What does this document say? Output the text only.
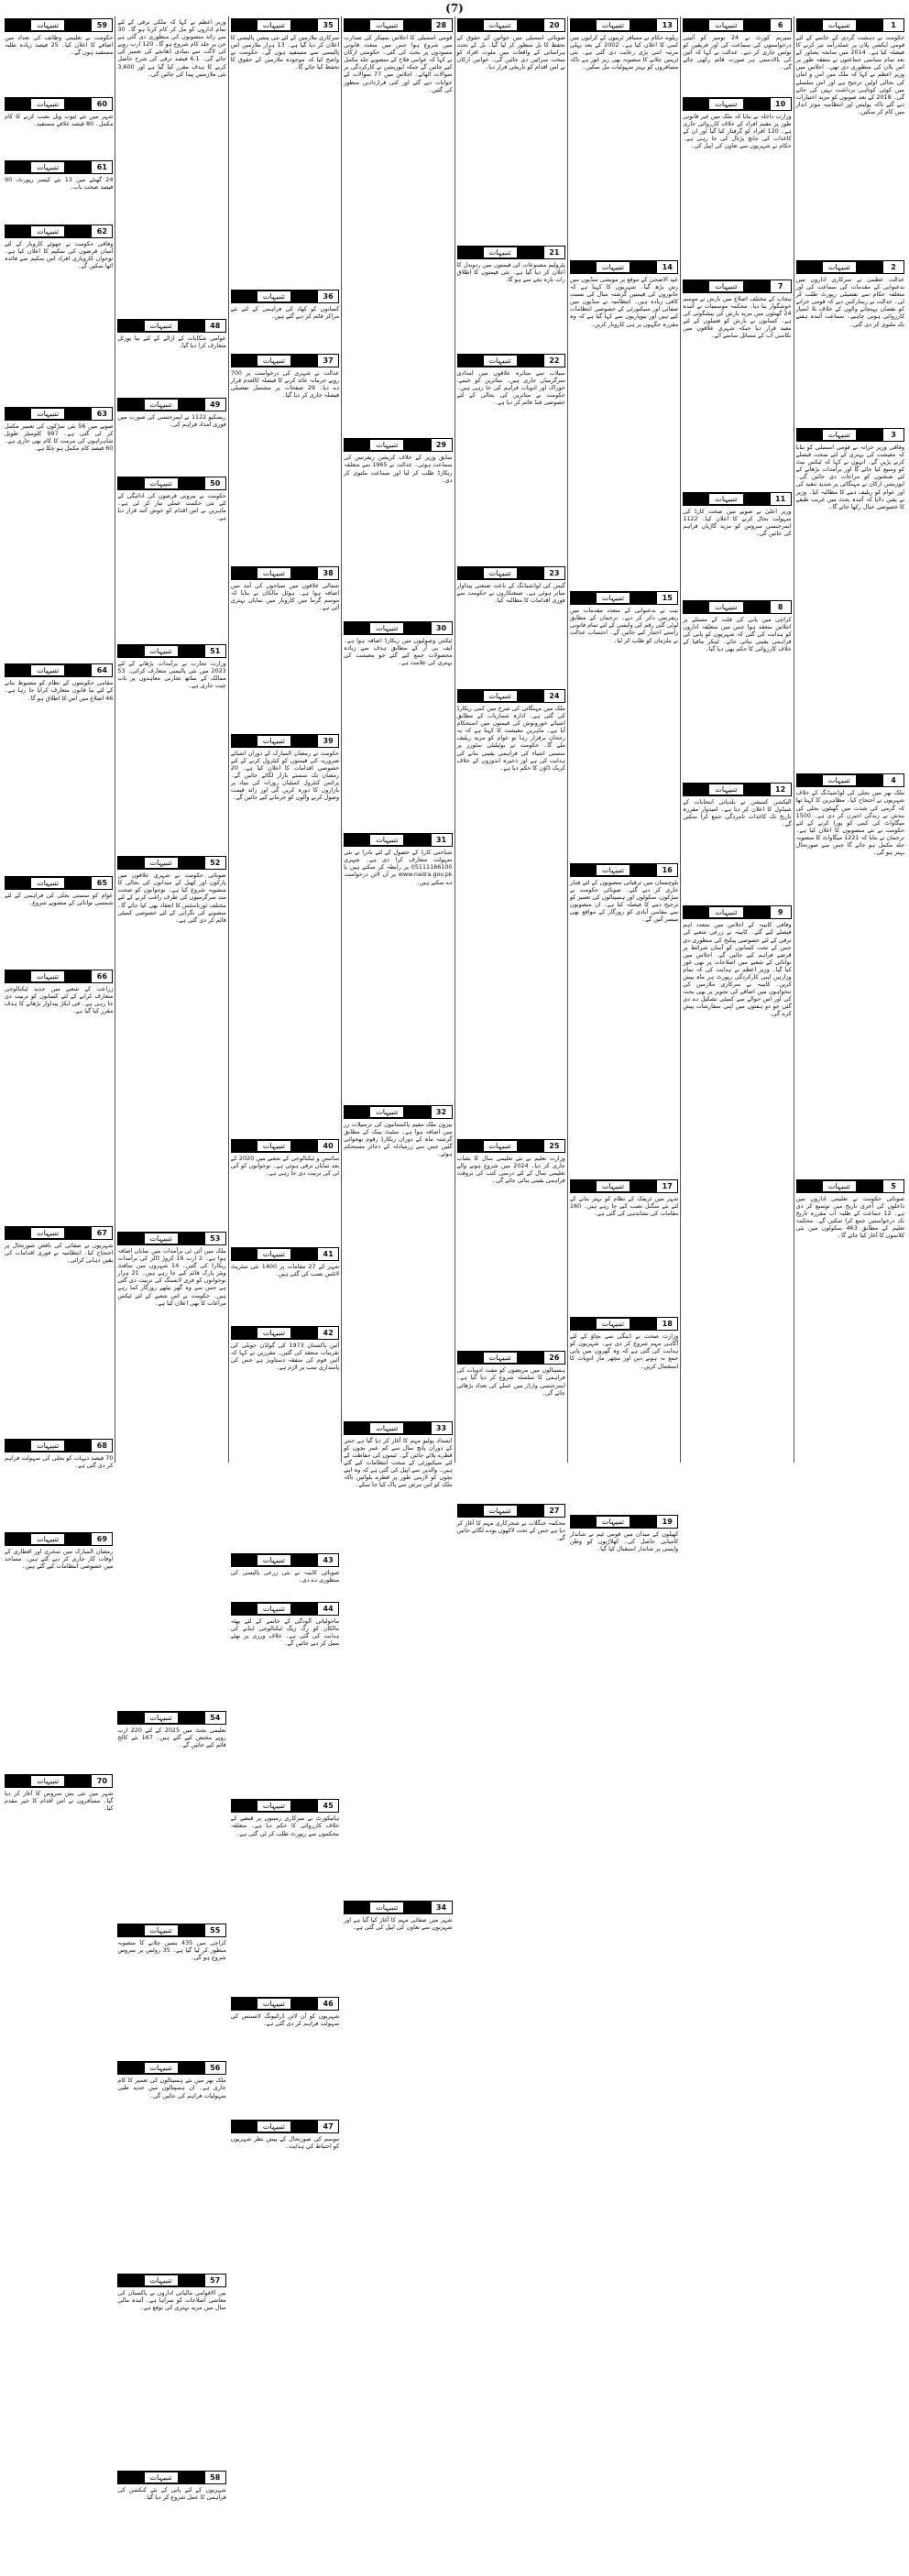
(7)
1
تنبیہات
حکومت نے دہشت گردی کے خاتمے کے لئے قومی ایکشن پلان پر عملدرآمد تیز کرنے کا فیصلہ کیا ہے۔ 2014 میں سانحہ پشاور کے بعد تمام سیاسی جماعتوں نے متفقہ طور پر اس پلان کی منظوری دی تھی۔ اجلاس میں وزیر اعظم نے کہا کہ ملک میں امن و امان کی بحالی اولین ترجیح ہے اور اس سلسلے میں کوئی کوتاہی برداشت نہیں کی جائے گی۔ 2018 کے بعد صوبوں کو مزید اختیارات دیے گئے تاکہ پولیس اور انتظامیہ موثر انداز میں کام کر سکیں۔
2
تنبیہات
عدالت عظمیٰ نے سرکاری اداروں میں بدعنوانی کے مقدمات کی سماعت کی اور متعلقہ حکام سے تفصیلی رپورٹ طلب کر لی۔ عدالت نے ریمارکس دیے کہ قومی خزانے کو نقصان پہنچانے والوں کے خلاف بلا امتیاز کارروائی ہونی چاہیے۔ سماعت آئندہ ہفتے تک ملتوی کر دی گئی۔
3
تنبیہات
وفاقی وزیر خزانہ نے قومی اسمبلی کو بتایا کہ معیشت کی بہتری کے لئے سخت فیصلے کرنے پڑیں گے۔ انہوں نے کہا کہ ٹیکس نیٹ کو وسیع کیا جائے گا اور برآمدات بڑھانے کے لئے صنعتوں کو مراعات دی جائیں گی۔ اپوزیشن ارکان نے مہنگائی پر شدید تنقید کی اور عوام کو ریلیف دینے کا مطالبہ کیا۔ وزیر نے یقین دلایا کہ آئندہ بجٹ میں غریب طبقے کا خصوصی خیال رکھا جائے گا۔
4
تنبیہات
ملک بھر میں بجلی کی لوڈشیڈنگ کے خلاف شہریوں نے احتجاج کیا۔ مظاہرین کا کہنا تھا کہ گرمی کی شدت میں گھنٹوں بجلی کی بندش نے زندگی اجیرن کر دی ہے۔ 1500 میگاواٹ کی کمی کو پورا کرنے کے لئے حکومت نے نئے منصوبوں کا اعلان کیا ہے۔ ترجمان نے بتایا کہ 1221 میگاواٹ کا منصوبہ جلد مکمل ہو جائے گا جس سے صورتحال بہتر ہو گی۔
5
تنبیہات
صوبائی حکومت نے تعلیمی اداروں میں داخلوں کی آخری تاریخ میں توسیع کر دی ہے۔ 12 جماعت کے طلبہ اب مقررہ تاریخ تک درخواستیں جمع کرا سکیں گے۔ محکمہ تعلیم کے مطابق 463 سکولوں میں نئی کلاسوں کا آغاز کیا جائے گا۔
6
تنبیہات
سپریم کورٹ نے 24 نومبر کو آئینی درخواستوں کی سماعت کی اور فریقین کو نوٹس جاری کر دیے۔ عدالت نے کہا کہ آئین کی بالادستی ہر صورت قائم رکھی جائے گی۔
10
تنبیہات
وزارت داخلہ نے بتایا کہ ملک میں غیر قانونی طور پر مقیم افراد کے خلاف کارروائی جاری ہے۔ 120 افراد کو گرفتار کیا گیا اور ان کے کاغذات کی جانچ پڑتال کی جا رہی ہے۔ حکام نے شہریوں سے تعاون کی اپیل کی۔
7
تنبیہات
پنجاب کے مختلف اضلاع میں بارش نے موسم خوشگوار بنا دیا۔ محکمہ موسمیات نے آئندہ 24 گھنٹوں میں مزید بارش کی پیشگوئی کی ہے۔ کسانوں نے بارش کو فصلوں کے لئے مفید قرار دیا جبکہ شہری علاقوں میں نکاسی آب کے مسائل سامنے آئے۔
11
تنبیہات
وزیر اعلیٰ نے صوبے میں صحت کارڈ کی سہولت بحال کرنے کا اعلان کیا۔ 1122 ایمرجنسی سروس کو مزید گاڑیاں فراہم کی جائیں گی۔
8
تنبیہات
کراچی میں پانی کی قلت کے مسئلے پر اجلاس منعقد ہوا جس میں متعلقہ اداروں کو ہدایت کی گئی کہ شہریوں کو پانی کی فراہمی یقینی بنائی جائے۔ ٹینکر مافیا کے خلاف کارروائی کا حکم بھی دیا گیا۔
12
تنبیہات
الیکشن کمیشن نے بلدیاتی انتخابات کے شیڈول کا اعلان کر دیا ہے۔ امیدوار مقررہ تاریخ تک کاغذات نامزدگی جمع کرا سکیں گے۔
9
تنبیہات
وفاقی کابینہ کے اجلاس میں متعدد اہم فیصلے کیے گئے۔ کابینہ نے زرعی شعبے کی ترقی کے لئے خصوصی پیکیج کی منظوری دی جس کے تحت کسانوں کو آسان شرائط پر قرضے فراہم کیے جائیں گے۔ اجلاس میں توانائی کے شعبے میں اصلاحات پر بھی غور کیا گیا۔ وزیر اعظم نے ہدایت کی کہ تمام وزارتیں اپنی کارکردگی رپورٹ ہر ماہ پیش کریں۔ کابینہ نے سرکاری ملازمین کی تنخواہوں میں اضافے کی تجویز پر بھی بحث کی اور اس حوالے سے کمیٹی تشکیل دے دی گئی جو دو ہفتوں میں اپنی سفارشات پیش کرے گی۔
13
تنبیہات
ریلوے حکام نے مسافر ٹرینوں کے کرایوں میں کمی کا اعلان کیا ہے۔ 2002 کے بعد پہلی مرتبہ اتنی بڑی رعایت دی گئی ہے۔ نئی ٹرینیں چلانے کا منصوبہ بھی زیر غور ہے تاکہ مسافروں کو بہتر سہولیات مل سکیں۔
14
تنبیہات
عید الاضحیٰ کے موقع پر مویشی منڈیوں میں رش بڑھ گیا۔ شہریوں کا کہنا ہے کہ جانوروں کی قیمتیں گزشتہ سال کی نسبت کافی زیادہ ہیں۔ انتظامیہ نے منڈیوں میں صفائی اور سیکیورٹی کے خصوصی انتظامات کیے ہیں اور بیوپاریوں سے کہا گیا ہے کہ وہ مقررہ جگہوں پر ہی کاروبار کریں۔
15
تنبیہات
نیب نے بدعنوانی کے متعدد مقدمات میں ریفرنس دائر کر دیے۔ ترجمان کے مطابق لوٹی گئی رقم کی واپسی کے لئے تمام قانونی راستے اختیار کیے جائیں گے۔ احتساب عدالت نے ملزمان کو طلب کر لیا۔
16
تنبیہات
بلوچستان میں ترقیاتی منصوبوں کے لئے فنڈز جاری کر دیے گئے۔ صوبائی حکومت نے سڑکوں، سکولوں اور ہسپتالوں کی تعمیر کو ترجیح دینے کا فیصلہ کیا ہے۔ ان منصوبوں سے مقامی آبادی کو روزگار کے مواقع بھی میسر آئیں گے۔
17
تنبیہات
شہر میں ٹریفک کے نظام کو بہتر بنانے کے لئے نئے سگنل نصب کیے جا رہے ہیں۔ 160 مقامات کی نشاندہی کی گئی ہے۔
18
تنبیہات
وزارت صحت نے ڈینگی سے بچاؤ کے لئے آگاہی مہم شروع کر دی ہے۔ شہریوں کو ہدایت کی گئی ہے کہ وہ گھروں میں پانی جمع نہ ہونے دیں اور مچھر مار ادویات کا استعمال کریں۔
19
تنبیہات
کھیلوں کے میدان میں قومی ٹیم نے شاندار کامیابی حاصل کی۔ کھلاڑیوں کو وطن واپسی پر شاندار استقبال کیا گیا۔
20
تنبیہات
صوبائی اسمبلی میں خواتین کے حقوق کے تحفظ کا بل منظور کر لیا گیا۔ بل کے تحت ہراسانی کے واقعات میں ملوث افراد کو سخت سزائیں دی جائیں گی۔ خواتین ارکان نے اس اقدام کو تاریخی قرار دیا۔
21
تنبیہات
پٹرولیم مصنوعات کی قیمتوں میں ردوبدل کا اعلان کر دیا گیا ہے۔ نئی قیمتوں کا اطلاق رات بارہ بجے سے ہو گا۔
22
تنبیہات
سیلاب سے متاثرہ علاقوں میں امدادی سرگرمیاں جاری ہیں۔ متاثرین کو خیمے، خوراک اور ادویات فراہم کی جا رہی ہیں۔ حکومت نے متاثرین کی بحالی کے لئے خصوصی فنڈ قائم کر دیا ہے۔
23
تنبیہات
گیس کی لوڈشیڈنگ کے باعث صنعتی پیداوار متاثر ہوئی ہے۔ صنعتکاروں نے حکومت سے فوری اقدامات کا مطالبہ کیا۔
24
تنبیہات
ملک میں مہنگائی کی شرح میں کمی ریکارڈ کی گئی ہے۔ ادارہ شماریات کے مطابق اشیائے خورونوش کی قیمتوں میں استحکام آیا ہے۔ ماہرین معیشت کا کہنا ہے کہ یہ رجحان برقرار رہا تو عوام کو مزید ریلیف ملے گا۔ حکومت نے یوٹیلیٹی سٹورز پر سستی اشیاء کی فراہمی یقینی بنانے کی ہدایت کی ہے اور ذخیرہ اندوزوں کے خلاف کریک ڈاؤن کا حکم دیا ہے۔
25
تنبیہات
وزارت تعلیم نے نئے تعلیمی سال کا نصاب جاری کر دیا۔ 2024 میں شروع ہونے والے تعلیمی سال کے لئے درسی کتب کی بروقت فراہمی یقینی بنائی جائے گی۔
26
تنبیہات
ہسپتالوں میں مریضوں کو مفت ادویات کی فراہمی کا سلسلہ شروع کر دیا گیا ہے۔ ایمرجنسی وارڈز میں عملے کی تعداد بڑھائی جائے گی۔
27
تنبیہات
محکمہ جنگلات نے شجرکاری مہم کا آغاز کر دیا ہے جس کے تحت لاکھوں پودے لگائے جائیں گے۔
28
تنبیہات
قومی اسمبلی کا اجلاس سپیکر کی صدارت میں شروع ہوا جس میں متعدد قانونی مسودوں پر بحث کی گئی۔ حکومتی ارکان نے کہا کہ عوامی فلاح کے منصوبے جلد مکمل کیے جائیں گے جبکہ اپوزیشن نے کارکردگی پر سوالات اٹھائے۔ اجلاس میں 77 سوالات کے جوابات دیے گئے اور کئی قراردادیں منظور کی گئیں۔
29
تنبیہات
سابق وزیر کے خلاف کرپشن ریفرنس کی سماعت ہوئی۔ عدالت نے 1965 سے متعلقہ ریکارڈ طلب کر لیا اور سماعت ملتوی کر دی۔
30
تنبیہات
ٹیکس وصولیوں میں ریکارڈ اضافہ ہوا ہے۔ ایف بی آر کے مطابق ہدف سے زیادہ محصولات جمع کیے گئے جو معیشت کی بہتری کی علامت ہے۔
31
تنبیہات
شناختی کارڈ کے حصول کے لئے نادرا نے نئی سہولت متعارف کرا دی ہے۔ شہری 05111186100 پر رابطہ کر سکتے ہیں یا www.nadra.gov.pk پر آن لائن درخواست دے سکتے ہیں۔
32
تنبیہات
بیرون ملک مقیم پاکستانیوں کی ترسیلات زر میں اضافہ ہوا ہے۔ سٹیٹ بینک کے مطابق گزشتہ ماہ کے دوران ریکارڈ رقوم بھجوائی گئیں جس سے زرمبادلہ کے ذخائر مستحکم ہوئے۔
33
تنبیہات
انسداد پولیو مہم کا آغاز کر دیا گیا ہے جس کے دوران پانچ سال سے کم عمر بچوں کو قطرے پلائے جائیں گے۔ ٹیموں کی حفاظت کے لئے سیکیورٹی کے سخت انتظامات کیے گئے ہیں۔ والدین سے اپیل کی گئی ہے کہ وہ اپنے بچوں کو لازمی طور پر قطرے پلوائیں تاکہ ملک کو اس مرض سے پاک کیا جا سکے۔
34
تنبیہات
شہر میں صفائی مہم کا آغاز کیا گیا ہے اور شہریوں سے تعاون کی اپیل کی گئی ہے۔
35
تنبیہات
سرکاری ملازمین کے لئے نئی پنشن پالیسی کا اعلان کر دیا گیا ہے۔ 13 ہزار ملازمین اس پالیسی سے مستفید ہوں گے۔ حکومت نے واضح کیا کہ موجودہ ملازمین کے حقوق کا تحفظ کیا جائے گا۔
36
تنبیہات
کسانوں کو کھاد کی فراہمی کے لئے نئے مراکز قائم کر دیے گئے ہیں۔
37
تنبیہات
عدالت نے شہری کی درخواست پر 700 روپے جرمانہ عائد کرنے کا فیصلہ کالعدم قرار دے دیا۔ 29 صفحات پر مشتمل تفصیلی فیصلہ جاری کر دیا گیا۔
38
تنبیہات
شمالی علاقوں میں سیاحوں کی آمد میں اضافہ ہوا ہے۔ ہوٹل مالکان نے بتایا کہ موسم گرما میں کاروبار میں نمایاں بہتری آئی ہے۔
39
تنبیہات
حکومت نے رمضان المبارک کے دوران اشیائے ضروریہ کی قیمتوں کو کنٹرول کرنے کے لئے خصوصی اقدامات کا اعلان کیا ہے۔ 20 رمضان تک سستے بازار لگائے جائیں گے۔ پرائس کنٹرول کمیٹیاں روزانہ کی بنیاد پر بازاروں کا دورہ کریں گی اور زائد قیمت وصول کرنے والوں کو جرمانے کیے جائیں گے۔
40
تنبیہات
سائنس و ٹیکنالوجی کے شعبے میں 2020 کے بعد نمایاں ترقی ہوئی ہے۔ نوجوانوں کو آئی ٹی کی تربیت دی جا رہی ہے۔
41
تنبیہات
شہر کے 27 مقامات پر 1400 نئی سٹریٹ لائٹس نصب کی گئی ہیں۔
42
تنبیہات
آئین پاکستان 1973 کی گولڈن جوبلی کی تقریبات منعقد کی گئیں۔ مقررین نے کہا کہ آئین قوم کی متفقہ دستاویز ہے جس کی پاسداری سب پر لازم ہے۔
43
تنبیہات
صوبائی کابینہ نے نئی زرعی پالیسی کی منظوری دے دی۔
44
تنبیہات
ماحولیاتی آلودگی کے خاتمے کے لئے بھٹہ مالکان کو زگ زیگ ٹیکنالوجی اپنانے کی ہدایت کی گئی ہے۔ خلاف ورزی پر بھٹے سیل کر دیے جائیں گے۔
45
تنبیہات
ہائیکورٹ نے سرکاری زمینوں پر قبضے کے خلاف کارروائی کا حکم دیا ہے۔ متعلقہ محکموں سے رپورٹ طلب کر لی گئی ہے۔
46
تنبیہات
شہریوں کو آن لائن ڈرائیونگ لائسنس کی سہولت فراہم کر دی گئی ہے۔
47
تنبیہات
موسم کی صورتحال کے پیش نظر شہریوں کو احتیاط کی ہدایت۔
وزیر اعظم نے کہا کہ ملکی ترقی کے لئے تمام اداروں کو مل کر کام کرنا ہو گا۔ 30 سے زائد منصوبوں کی منظوری دی گئی ہے جن پر جلد کام شروع ہو گا۔ 120 ارب روپے کی لاگت سے بنیادی ڈھانچے کی تعمیر کی جائے گی۔ 6.1 فیصد ترقی کی شرح حاصل کرنے کا ہدف مقرر کیا گیا ہے اور 3,600 نئی ملازمتیں پیدا کی جائیں گی۔
48
تنبیہات
عوامی شکایات کے ازالے کے لئے نیا پورٹل متعارف کرا دیا گیا۔
49
تنبیہات
ریسکیو 1122 نے ایمرجنسی کی صورت میں فوری امداد فراہم کی۔
50
تنبیہات
حکومت نے بیرونی قرضوں کی ادائیگی کے لئے نئی حکمت عملی تیار کر لی ہے۔ ماہرین نے اس اقدام کو خوش آئند قرار دیا ہے۔
51
تنبیہات
وزارت تجارت نے برآمدات بڑھانے کے لئے 2023 میں نئی پالیسی متعارف کرائی۔ 53 ممالک کے ساتھ تجارتی معاہدوں پر بات چیت جاری ہے۔
52
تنبیہات
صوبائی حکومت نے شہری علاقوں میں پارکوں اور کھیل کے میدانوں کی بحالی کا منصوبہ شروع کیا ہے۔ نوجوانوں کو صحت مند سرگرمیوں کی طرف راغب کرنے کے لئے مختلف ٹورنامنٹس کا انعقاد بھی کیا جائے گا۔ منصوبے کی نگرانی کے لئے خصوصی کمیٹی قائم کر دی گئی ہے۔
53
تنبیہات
ملک میں آئی ٹی برآمدات میں نمایاں اضافہ ہوا ہے۔ 2 ارب 16 کروڑ ڈالر کی برآمدات ریکارڈ کی گئیں۔ 14 شہروں میں سافٹ ویئر پارک قائم کیے جا رہے ہیں۔ 21 ہزار نوجوانوں کو فری لانسنگ کی تربیت دی گئی ہے جس سے وہ گھر بیٹھے روزگار کما رہے ہیں۔ حکومت نے اس شعبے کے لئے ٹیکس مراعات کا بھی اعلان کیا ہے۔
54
تنبیہات
تعلیمی بجٹ میں 2025 کے لئے 220 ارب روپے مختص کیے گئے ہیں۔ 167 نئے کالج قائم کیے جائیں گے۔
55
تنبیہات
کراچی میں 435 بسیں چلانے کا منصوبہ منظور کر لیا گیا ہے۔ 35 روٹس پر سروس شروع ہو گی۔
56
تنبیہات
ملک بھر میں نئے ہسپتالوں کی تعمیر کا کام جاری ہے۔ ان ہسپتالوں میں جدید طبی سہولیات فراہم کی جائیں گی۔
57
تنبیہات
بین الاقوامی مالیاتی اداروں نے پاکستان کی معاشی اصلاحات کو سراہا ہے۔ آئندہ مالی سال میں مزید بہتری کی توقع ہے۔
58
تنبیہات
شہریوں کے لئے پانی کے نئے کنکشن کی فراہمی کا عمل شروع کر دیا گیا۔
59
تنبیہات
حکومت نے تعلیمی وظائف کی تعداد میں اضافے کا اعلان کیا۔ 25 فیصد زیادہ طلبہ مستفید ہوں گے۔
60
تنبیہات
شہر میں نئے ٹیوب ویل نصب کرنے کا کام مکمل۔ 80 فیصد علاقے مستفید۔
61
تنبیہات
24 گھنٹے میں 13 نئے کیسز رپورٹ، 90 فیصد صحت یاب۔
62
تنبیہات
وفاقی حکومت نے چھوٹے کاروبار کے لئے آسان قرضوں کی سکیم کا اعلان کیا ہے۔ نوجوان کاروباری افراد اس سکیم سے فائدہ اٹھا سکیں گے۔
63
تنبیہات
صوبے میں 56 نئی سڑکوں کی تعمیر مکمل کر لی گئی ہے۔ 997 کلومیٹر طویل شاہراہوں کی مرمت کا کام بھی جاری ہے۔ 60 فیصد کام مکمل ہو چکا ہے۔
64
تنبیہات
مقامی حکومتوں کے نظام کو مضبوط بنانے کے لئے نیا قانون متعارف کرایا جا رہا ہے۔ 46 اضلاع میں اس کا اطلاق ہو گا۔
65
تنبیہات
عوام کو سستی بجلی کی فراہمی کے لئے شمسی توانائی کے منصوبے شروع۔
66
تنبیہات
زراعت کے شعبے میں جدید ٹیکنالوجی متعارف کرانے کے لئے کسانوں کو تربیت دی جا رہی ہے۔ فی ایکڑ پیداوار بڑھانے کا ہدف مقرر کیا گیا ہے۔
67
تنبیہات
شہریوں نے صفائی کی ناقص صورتحال پر احتجاج کیا۔ انتظامیہ نے فوری اقدامات کی یقین دہانی کرائی۔
68
تنبیہات
70 فیصد دیہات کو بجلی کی سہولت فراہم کر دی گئی ہے۔
69
تنبیہات
رمضان المبارک میں سحری اور افطاری کے اوقات کار جاری کر دیے گئے ہیں۔ مساجد میں خصوصی انتظامات کیے گئے ہیں۔
70
تنبیہات
شہر میں نئی بس سروس کا آغاز کر دیا گیا۔ مسافروں نے اس اقدام کا خیر مقدم کیا۔
